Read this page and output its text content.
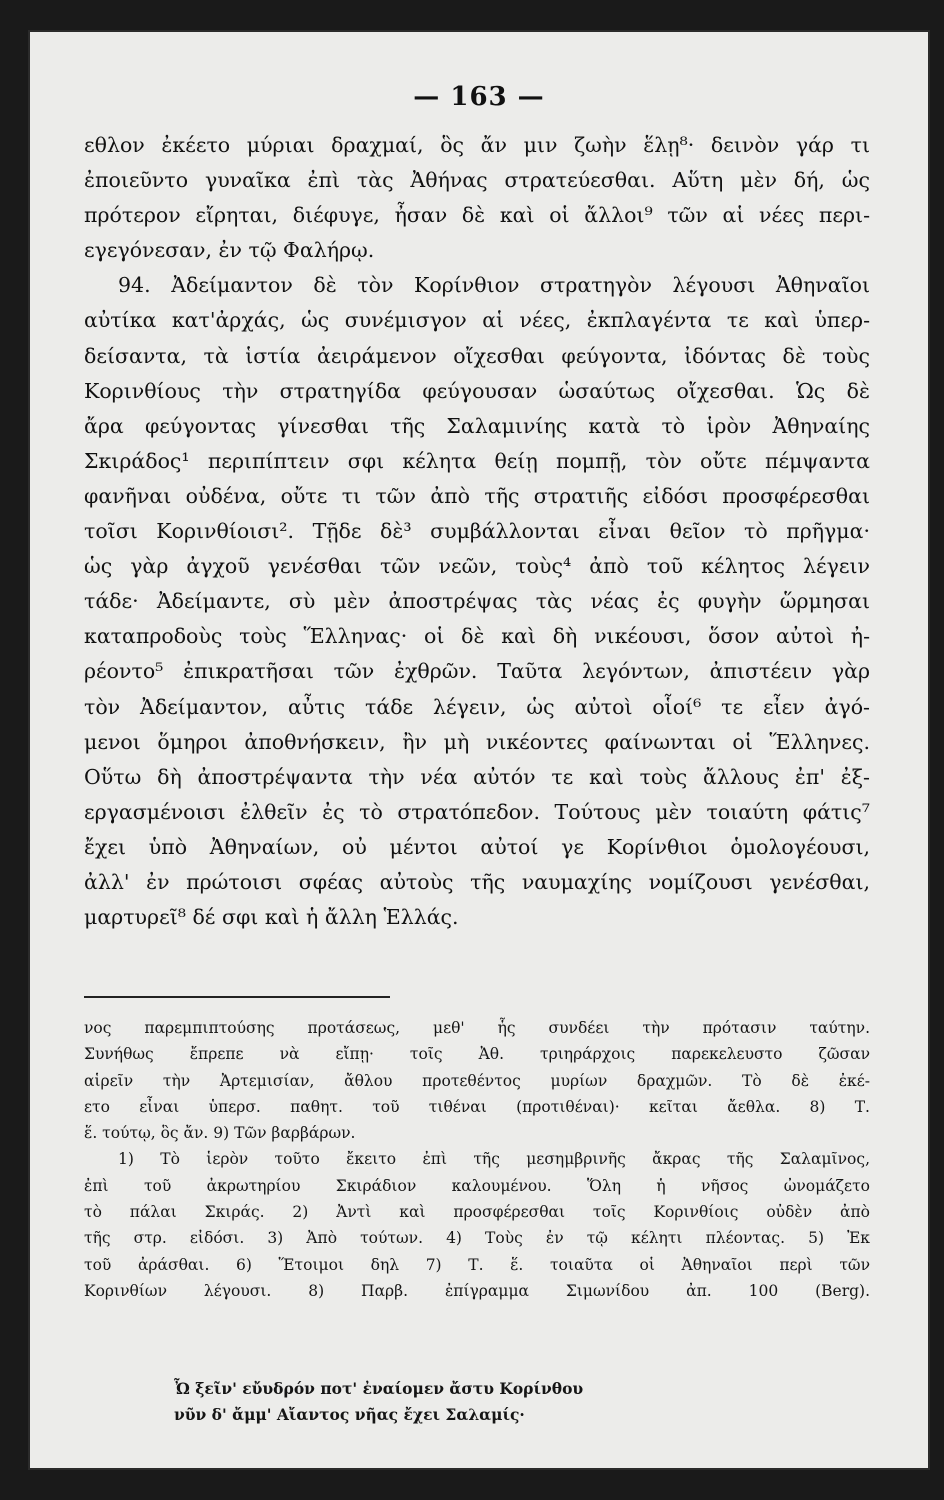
— 163 —
εθλον ἐκέετο μύριαι δραχμαί, ὃς ἄν μιν ζωὴν ἕλῃ⁸· δεινὸν γάρ τι
ἐποιεῦντο γυναῖκα ἐπὶ τὰς Ἀθήνας στρατεύεσθαι. Αὕτη μὲν δή, ὡς
πρότερον εἴρηται, διέφυγε, ἦσαν δὲ καὶ οἱ ἄλλοι⁹ τῶν αἱ νέες περι-
εγεγόνεσαν, ἐν τῷ Φαλήρῳ.
94. Ἀδείμαντον δὲ τὸν Κορίνθιον στρατηγὸν λέγουσι Ἀθηναῖοι
αὐτίκα κατ'ἀρχάς, ὡς συνέμισγον αἱ νέες, ἐκπλαγέντα τε καὶ ὑπερ-
δείσαντα, τὰ ἱστία ἀειράμενον οἴχεσθαι φεύγοντα, ἰδόντας δὲ τοὺς
Κορινθίους τὴν στρατηγίδα φεύγουσαν ὡσαύτως οἴχεσθαι. Ὡς δὲ
ἄρα φεύγοντας γίνεσθαι τῆς Σαλαμινίης κατὰ τὸ ἱρὸν Ἀθηναίης
Σκιράδος¹ περιπίπτειν σφι κέλητα θείῃ πομπῇ, τὸν οὔτε πέμψαντα
φανῆναι οὐδένα, οὔτε τι τῶν ἀπὸ τῆς στρατιῆς εἰδόσι προσφέρεσθαι
τοῖσι Κορινθίοισι². Τῇδε δὲ³ συμβάλλονται εἶναι θεῖον τὸ πρῆγμα·
ὡς γὰρ ἀγχοῦ γενέσθαι τῶν νεῶν, τοὺς⁴ ἀπὸ τοῦ κέλητος λέγειν
τάδε· Ἀδείμαντε, σὺ μὲν ἀποστρέψας τὰς νέας ἐς φυγὴν ὥρμησαι
καταπροδοὺς τοὺς Ἕλληνας· οἱ δὲ καὶ δὴ νικέουσι, ὅσον αὐτοὶ ἠ-
ρέοντο⁵ ἐπικρατῆσαι τῶν ἐχθρῶν. Ταῦτα λεγόντων, ἀπιστέειν γὰρ
τὸν Ἀδείμαντον, αὖτις τάδε λέγειν, ὡς αὐτοὶ οἷοί⁶ τε εἶεν ἀγό-
μενοι ὅμηροι ἀποθνήσκειν, ἢν μὴ νικέοντες φαίνωνται οἱ Ἕλληνες.
Οὕτω δὴ ἀποστρέψαντα τὴν νέα αὐτόν τε καὶ τοὺς ἄλλους ἐπ' ἐξ-
εργασμένοισι ἐλθεῖν ἐς τὸ στρατόπεδον. Τούτους μὲν τοιαύτη φάτις⁷
ἔχει ὑπὸ Ἀθηναίων, οὐ μέντοι αὐτοί γε Κορίνθιοι ὁμολογέουσι,
ἀλλ' ἐν πρώτοισι σφέας αὐτοὺς τῆς ναυμαχίης νομίζουσι γενέσθαι,
μαρτυρεῖ⁸ δέ σφι καὶ ἡ ἄλλη Ἑλλάς.
νος παρεμπιπτούσης προτάσεως, μεθ' ἧς συνδέει τὴν πρότασιν ταύτην.
Συνήθως ἔπρεπε νὰ εἴπῃ· τοῖς Ἀθ. τριηράρχοις παρεκελευστο ζῶσαν
αἱρεῖν τὴν Ἀρτεμισίαν, ἄθλου προτεθέντος μυρίων δραχμῶν. Τὸ δὲ ἐκέ-
ετο εἶναι ὑπερσ. παθητ. τοῦ τιθέναι (προτιθέναι)· κεῖται ἄεθλα. 8) Τ.
ἕ. τούτῳ, ὃς ἄν. 9) Τῶν βαρβάρων.
1) Τὸ ἱερὸν τοῦτο ἔκειτο ἐπὶ τῆς μεσημβρινῆς ἄκρας τῆς Σαλαμῖνος,
ἐπὶ τοῦ ἀκρωτηρίου Σκιράδιον καλουμένου. Ὅλη ἡ νῆσος ὠνομάζετο
τὸ πάλαι Σκιράς. 2) Ἀντὶ καὶ προσφέρεσθαι τοῖς Κορινθίοις οὐδὲν ἀπὸ
τῆς στρ. εἰδόσι. 3) Ἀπὸ τούτων. 4) Τοὺς ἐν τῷ κέλητι πλέοντας. 5) Ἐκ
τοῦ ἀράσθαι. 6) Ἕτοιμοι δηλ 7) Τ. ἕ. τοιαῦτα οἱ Ἀθηναῖοι περὶ τῶν
Κορινθίων λέγουσι. 8) Παρβ. ἐπίγραμμα Σιμωνίδου ἀπ. 100 (Berg).
Ὦ ξεῖν' εὔυδρόν ποτ' ἐναίομεν ἄστυ Κορίνθου
νῦν δ' ἄμμ' Αἴαντος νῆας ἔχει Σαλαμίς·
